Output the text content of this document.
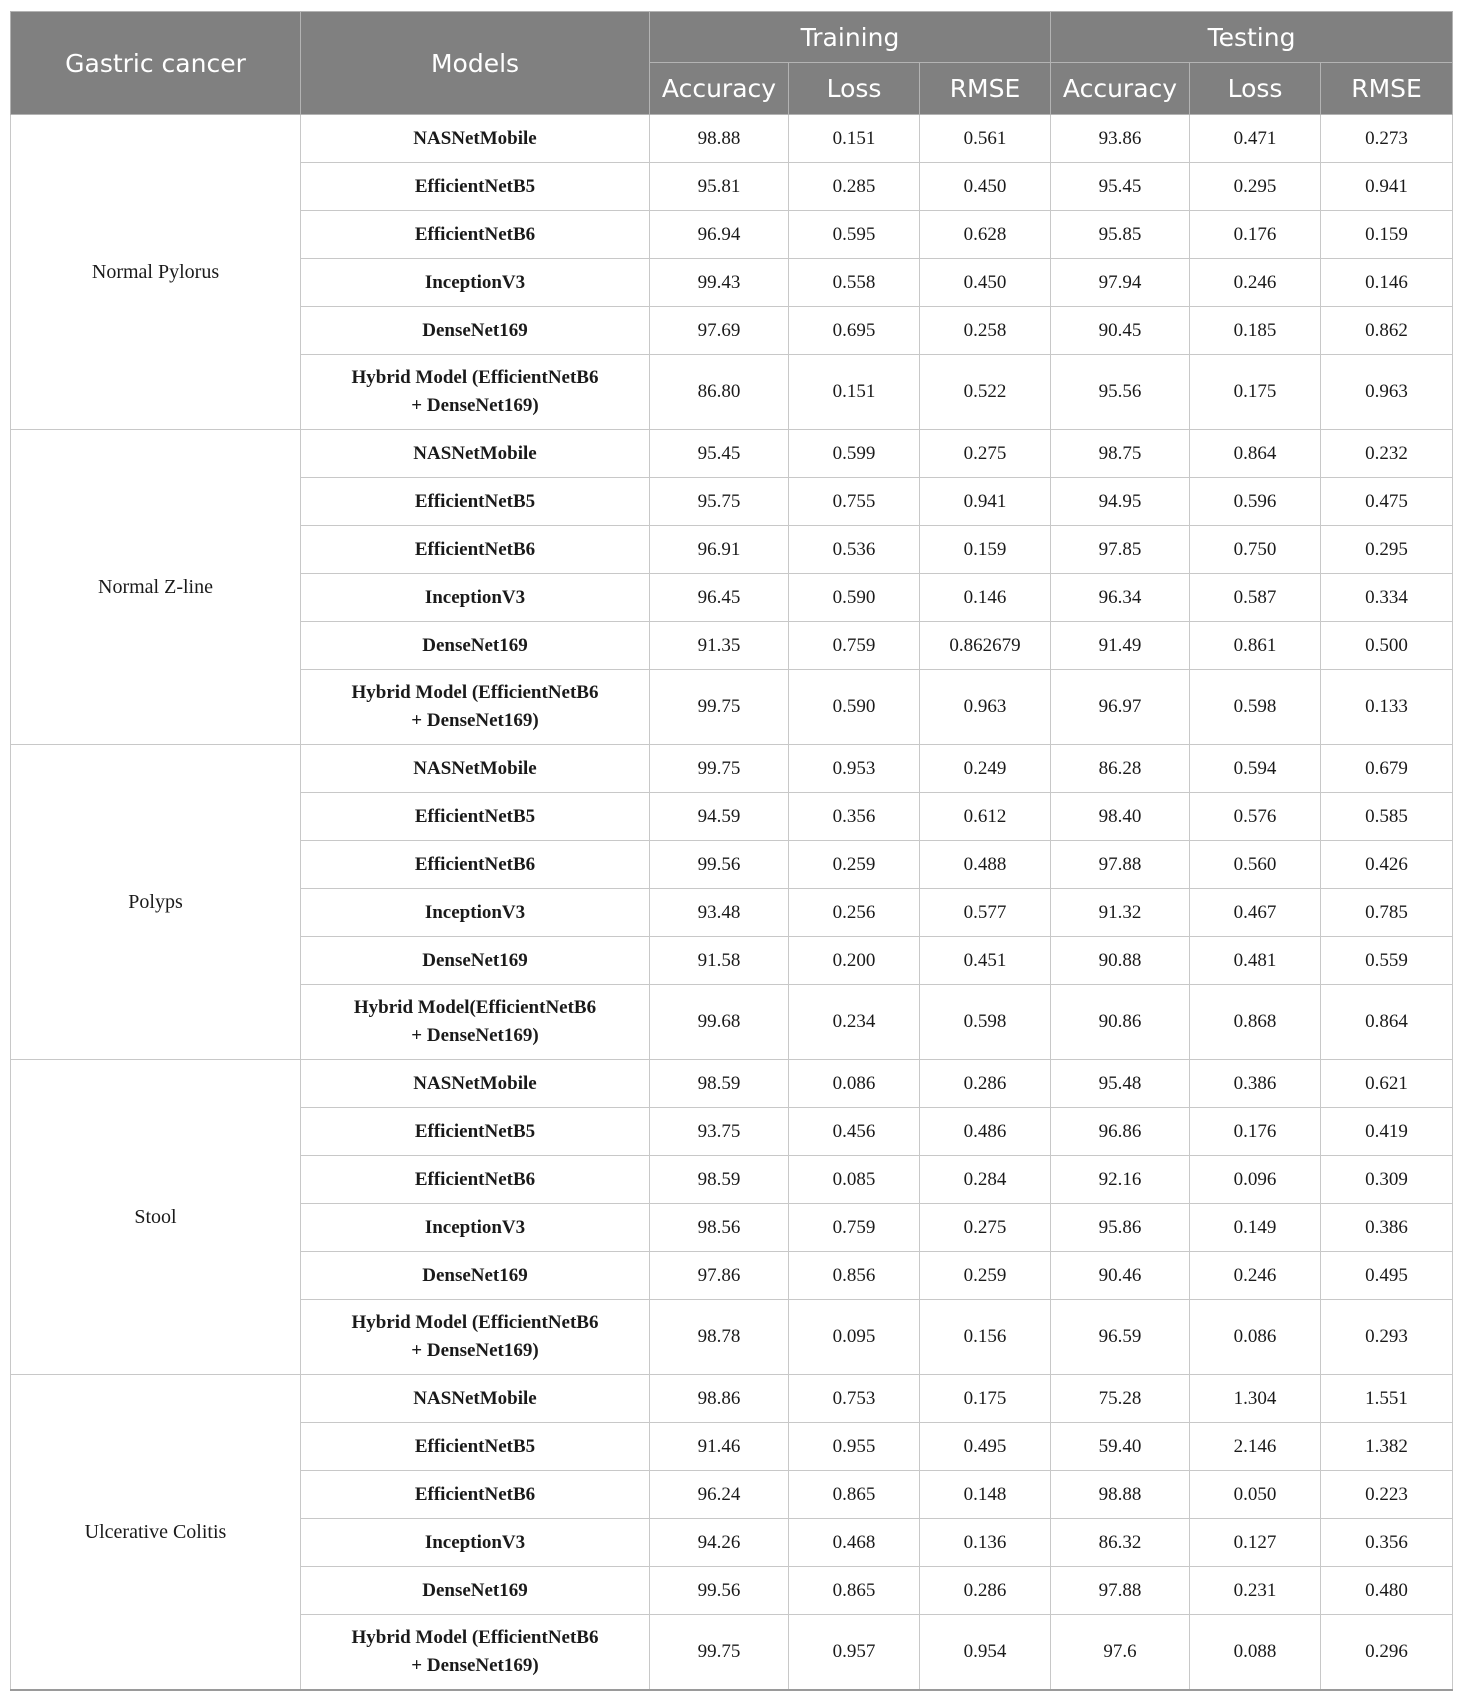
Gastric cancer	Models	Training			Testing		
		Accuracy	Loss	RMSE	Accuracy	Loss	RMSE
Normal Pylorus	NASNetMobile	98.88	0.151	0.561	93.86	0.471	0.273
	EfficientNetB5	95.81	0.285	0.450	95.45	0.295	0.941
	EfficientNetB6	96.94	0.595	0.628	95.85	0.176	0.159
	InceptionV3	99.43	0.558	0.450	97.94	0.246	0.146
	DenseNet169	97.69	0.695	0.258	90.45	0.185	0.862
	Hybrid Model (EfficientNetB6
+ DenseNet169)	86.80	0.151	0.522	95.56	0.175	0.963
Normal Z-line	NASNetMobile	95.45	0.599	0.275	98.75	0.864	0.232
	EfficientNetB5	95.75	0.755	0.941	94.95	0.596	0.475
	EfficientNetB6	96.91	0.536	0.159	97.85	0.750	0.295
	InceptionV3	96.45	0.590	0.146	96.34	0.587	0.334
	DenseNet169	91.35	0.759	0.862679	91.49	0.861	0.500
	Hybrid Model (EfficientNetB6
+ DenseNet169)	99.75	0.590	0.963	96.97	0.598	0.133
Polyps	NASNetMobile	99.75	0.953	0.249	86.28	0.594	0.679
	EfficientNetB5	94.59	0.356	0.612	98.40	0.576	0.585
	EfficientNetB6	99.56	0.259	0.488	97.88	0.560	0.426
	InceptionV3	93.48	0.256	0.577	91.32	0.467	0.785
	DenseNet169	91.58	0.200	0.451	90.88	0.481	0.559
	Hybrid Model(EfficientNetB6
+ DenseNet169)	99.68	0.234	0.598	90.86	0.868	0.864
Stool	NASNetMobile	98.59	0.086	0.286	95.48	0.386	0.621
	EfficientNetB5	93.75	0.456	0.486	96.86	0.176	0.419
	EfficientNetB6	98.59	0.085	0.284	92.16	0.096	0.309
	InceptionV3	98.56	0.759	0.275	95.86	0.149	0.386
	DenseNet169	97.86	0.856	0.259	90.46	0.246	0.495
	Hybrid Model (EfficientNetB6
+ DenseNet169)	98.78	0.095	0.156	96.59	0.086	0.293
Ulcerative Colitis	NASNetMobile	98.86	0.753	0.175	75.28	1.304	1.551
	EfficientNetB5	91.46	0.955	0.495	59.40	2.146	1.382
	EfficientNetB6	96.24	0.865	0.148	98.88	0.050	0.223
	InceptionV3	94.26	0.468	0.136	86.32	0.127	0.356
	DenseNet169	99.56	0.865	0.286	97.88	0.231	0.480
	Hybrid Model (EfficientNetB6
+ DenseNet169)	99.75	0.957	0.954	97.6	0.088	0.296
